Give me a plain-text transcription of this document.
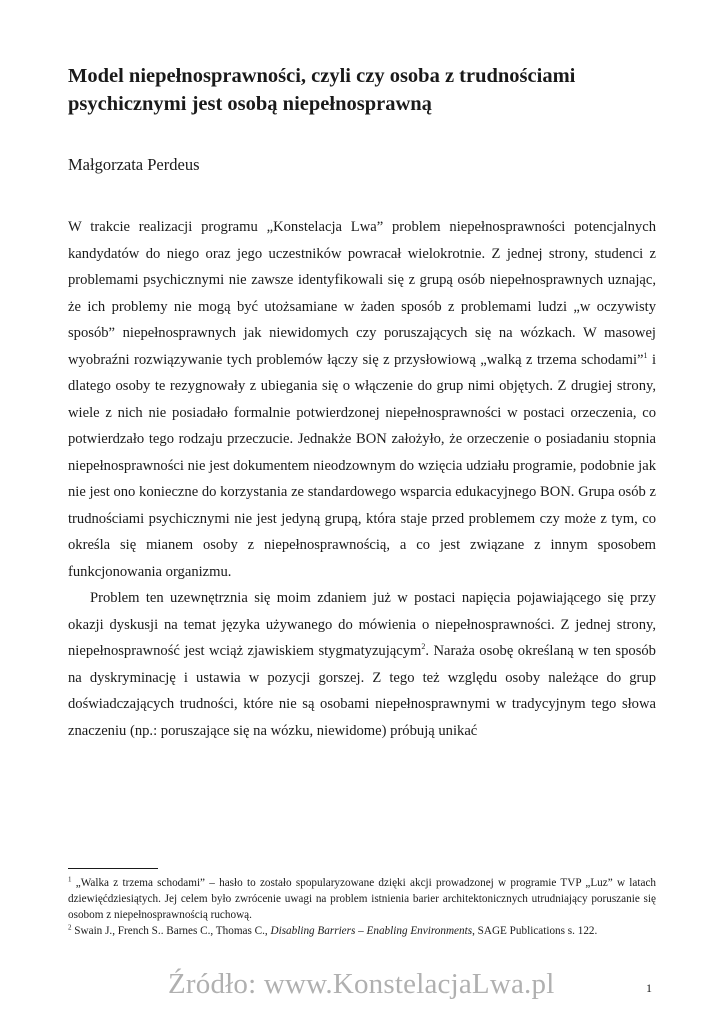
Model niepełnosprawności, czyli czy osoba z trudnościami psychicznymi jest osobą niepełnosprawną

Małgorzata Perdeus

W trakcie realizacji programu „Konstelacja Lwa” problem niepełnosprawności potencjalnych kandydatów do niego oraz jego uczestników powracał wielokrotnie. Z jednej strony, studenci z problemami psychicznymi nie zawsze identyfikowali się z grupą osób niepełnosprawnych uznając, że ich problemy nie mogą być utożsamiane w żaden sposób z problemami ludzi „w oczywisty sposób” niepełnosprawnych jak niewidomych czy poruszających się na wózkach. W masowej wyobraźni rozwiązywanie tych problemów łączy się z przysłowiową „walką z trzema schodami”$^1$ i dlatego osoby te rezygnowały z ubiegania się o włączenie do grup nimi objętych. Z drugiej strony, wiele z nich nie posiadało formalnie potwierdzonej niepełnosprawności w postaci orzeczenia, co potwierdzało tego rodzaju przeczucie. Jednakże BON założyło, że orzeczenie o posiadaniu stopnia niepełnosprawności nie jest dokumentem nieodzownym do wzięcia udziału programie, podobnie jak nie jest ono konieczne do korzystania ze standardowego wsparcia edukacyjnego BON. Grupa osób z trudnościami psychicznymi nie jest jedyną grupą, która staje przed problemem czy może z tym, co określa się mianem osoby z niepełnosprawnością, a co jest związane z innym sposobem funkcjonowania organizmu.

Problem ten uzewnętrznia się moim zdaniem już w postaci napięcia pojawiającego się przy okazji dyskusji na temat języka używanego do mówienia o niepełnosprawności. Z jednej strony, niepełnosprawność jest wciąż zjawiskiem stygmatyzującym$^2$. Naraża osobę określaną w ten sposób na dyskryminację i ustawia w pozycji gorszej. Z tego też względu osoby należące do grup doświadczających trudności, które nie są osobami niepełnosprawnymi w tradycyjnym tego słowa znaczeniu (np.: poruszające się na wózku, niewidome) próbują unikać

$^1$ „Walka z trzema schodami” – hasło to zostało spopularyzowane dzięki akcji prowadzonej w programie TVP „Luz” w latach dziewięćdziesiątych. Jej celem było zwrócenie uwagi na problem istnienia barier architektonicznych utrudniający poruszanie się osobom z niepełnosprawnością ruchową.

$^2$ Swain J., French S.. Barnes C., Thomas C., Disabling Barriers – Enabling Environments, SAGE Publications s. 122.

Źródło: www.KonstelacjaLwa.pl	1
